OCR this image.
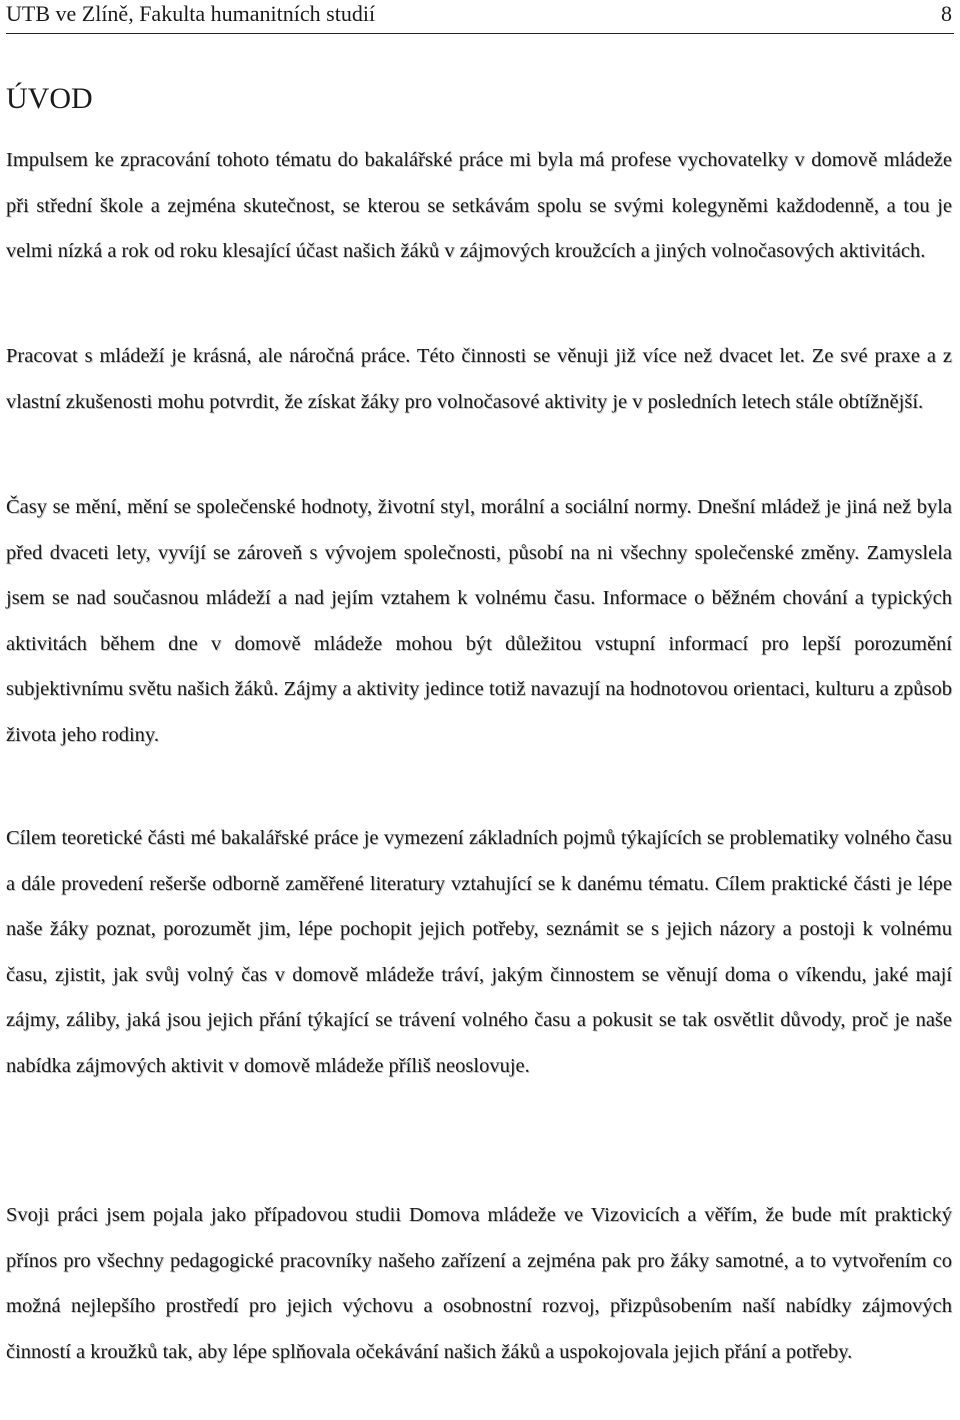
UTB ve Zlíně, Fakulta humanitních studií	8
ÚVOD

Impulsem ke zpracování tohoto tématu do bakalářské práce mi byla má profese vychovatelky v domově mládeže při střední škole a zejména skutečnost, se kterou se setkávám spolu se svými kolegyněmi každodenně, a tou je velmi nízká a rok od roku klesající účast našich žáků v zájmových kroužcích a jiných volnočasových aktivitách.

Pracovat s mládeží je krásná, ale náročná práce. Této činnosti se věnuji již více než dvacet let. Ze své praxe a z vlastní zkušenosti mohu potvrdit, že získat žáky pro volnočasové aktivity je v posledních letech stále obtížnější.

Časy se mění, mění se společenské hodnoty, životní styl, morální a sociální normy. Dnešní mládež je jiná než byla před dvaceti lety, vyvíjí se zároveň s vývojem společnosti, působí na ni všechny společenské změny. Zamyslela jsem se nad současnou mládeží a nad jejím vztahem k volnému času. Informace o běžném chování a typických aktivitách během dne v domově mládeže mohou být důležitou vstupní informací pro lepší porozumění subjektivnímu světu našich žáků. Zájmy a aktivity jedince totiž navazují na hodnotovou orientaci, kulturu a způsob života jeho rodiny.

Cílem teoretické části mé bakalářské práce je vymezení základních pojmů týkajících se problematiky volného času a dále provedení rešerše odborně zaměřené literatury vztahující se k danému tématu. Cílem praktické části je lépe naše žáky poznat, porozumět jim, lépe pochopit jejich potřeby, seznámit se s jejich názory a postoji k volnému času, zjistit, jak svůj volný čas v domově mládeže tráví, jakým činnostem se věnují doma o víkendu, jaké mají zájmy, záliby, jaká jsou jejich přání týkající se trávení volného času a pokusit se tak osvětlit důvody, proč je naše nabídka zájmových aktivit v domově mládeže příliš neoslovuje.

Svoji práci jsem pojala jako případovou studii Domova mládeže ve Vizovicích a věřím, že bude mít praktický přínos pro všechny pedagogické pracovníky našeho zařízení a zejména pak pro žáky samotné, a to vytvořením co možná nejlepšího prostředí pro jejich výchovu a osobnostní rozvoj, přizpůsobením naší nabídky zájmových činností a kroužků tak, aby lépe splňovala očekávání našich žáků a uspokojovala jejich přání a potřeby.
